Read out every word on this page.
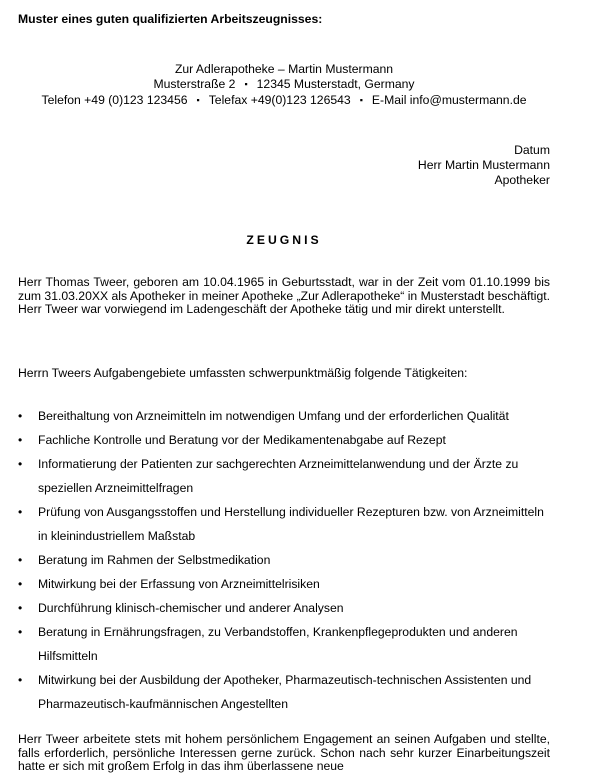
Muster eines guten qualifizierten Arbeitszeugnisses:
Zur Adlerapotheke – Martin Mustermann
Musterstraße 2 ▪ 12345 Musterstadt, Germany
Telefon +49 (0)123 123456 ▪ Telefax +49(0)123 126543 ▪ E-Mail info@mustermann.de
Datum
Herr Martin Mustermann
Apotheker
ZEUGNIS

Herr Thomas Tweer, geboren am 10.04.1965 in Geburtsstadt, war in der Zeit vom 01.10.1999 bis zum 31.03.20XX als Apotheker in meiner Apotheke „Zur Adlerapotheke“ in Musterstadt beschäftigt. Herr Tweer war vorwiegend im Ladengeschäft der Apotheke tätig und mir direkt unterstellt.

Herrn Tweers Aufgabengebiete umfassten schwerpunktmäßig folgende Tätigkeiten:

• Bereithaltung von Arzneimitteln im notwendigen Umfang und der erforderlichen Qualität
• Fachliche Kontrolle und Beratung vor der Medikamentenabgabe auf Rezept
• Informatierung der Patienten zur sachgerechten Arzneimittelanwendung und der Ärzte zu speziellen Arzneimittelfragen
• Prüfung von Ausgangsstoffen und Herstellung individueller Rezepturen bzw. von Arzneimitteln in kleinindustriellem Maßstab
• Beratung im Rahmen der Selbstmedikation
• Mitwirkung bei der Erfassung von Arzneimittelrisiken
• Durchführung klinisch-chemischer und anderer Analysen
• Beratung in Ernährungsfragen, zu Verbandstoffen, Krankenpflegeprodukten und anderen Hilfsmitteln
• Mitwirkung bei der Ausbildung der Apotheker, Pharmazeutisch-technischen Assistenten und Pharmazeutisch-kaufmännischen Angestellten

Herr Tweer arbeitete stets mit hohem persönlichem Engagement an seinen Aufgaben und stellte, falls erforderlich, persönliche Interessen gerne zurück. Schon nach sehr kurzer Einarbeitungszeit hatte er sich mit großem Erfolg in das ihm überlassene neue
